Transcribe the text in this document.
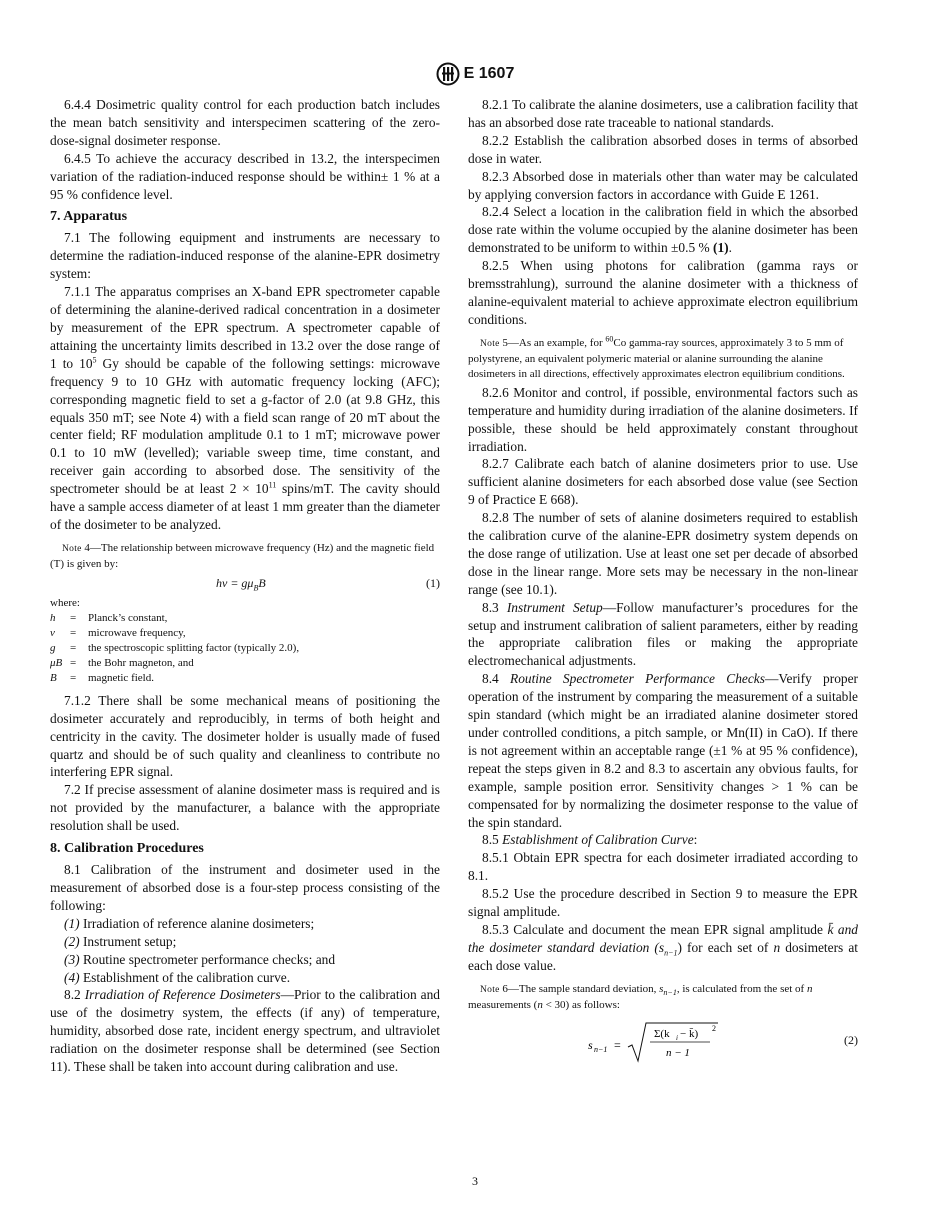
E 1607

6.4.4 Dosimetric quality control for each production batch includes the mean batch sensitivity and interspecimen scattering of the zero-dose-signal dosimeter response.

6.4.5 To achieve the accuracy described in 13.2, the interspecimen variation of the radiation-induced response should be within± 1 % at a 95 % confidence level.

7. Apparatus

7.1 The following equipment and instruments are necessary to determine the radiation-induced response of the alanine-EPR dosimetry system:

7.1.1 The apparatus comprises an X-band EPR spectrometer capable of determining the alanine-derived radical concentration in a dosimeter by measurement of the EPR spectrum. A spectrometer capable of attaining the uncertainty limits described in 13.2 over the dose range of 1 to $10^5$ Gy should be capable of the following settings: microwave frequency 9 to 10 GHz with automatic frequency locking (AFC); corresponding magnetic field to set a g-factor of 2.0 (at 9.8 GHz, this equals 350 mT; see Note 4) with a field scan range of 20 mT about the center field; RF modulation amplitude 0.1 to 1 mT; microwave power 0.1 to 10 mW (levelled); variable sweep time, time constant, and receiver gain according to absorbed dose. The sensitivity of the spectrometer should be at least $2 \times 10^{11}$ spins/mT. The cavity should have a sample access diameter of at least 1 mm greater than the diameter of the dosimeter to be analyzed.

Note 4—The relationship between microwave frequency (Hz) and the magnetic field (T) is given by:
$h\nu = g\mu_BB$	(1)
where:
h	=	Planck’s constant,
ν	=	microwave frequency,
g	=	the spectroscopic splitting factor (typically 2.0),
μB =	the Bohr magneton, and
B	=	magnetic field.

7.1.2 There shall be some mechanical means of positioning the dosimeter accurately and reproducibly, in terms of both height and centricity in the cavity. The dosimeter holder is usually made of fused quartz and should be of such quality and cleanliness to contribute no interfering EPR signal.

7.2 If precise assessment of alanine dosimeter mass is required and is not provided by the manufacturer, a balance with the appropriate resolution shall be used.

8. Calibration Procedures

8.1 Calibration of the instrument and dosimeter used in the measurement of absorbed dose is a four-step process consisting of the following:

(1) Irradiation of reference alanine dosimeters;

(2) Instrument setup;

(3) Routine spectrometer performance checks; and

(4) Establishment of the calibration curve.

8.2 Irradiation of Reference Dosimeters—Prior to the calibration and use of the dosimetry system, the effects (if any) of temperature, humidity, absorbed dose rate, incident energy spectrum, and ultraviolet radiation on the dosimeter response shall be determined (see Section 11). These shall be taken into account during calibration and use.

8.2.1 To calibrate the alanine dosimeters, use a calibration facility that has an absorbed dose rate traceable to national standards.

8.2.2 Establish the calibration absorbed doses in terms of absorbed dose in water.

8.2.3 Absorbed dose in materials other than water may be calculated by applying conversion factors in accordance with Guide E 1261.

8.2.4 Select a location in the calibration field in which the absorbed dose rate within the volume occupied by the alanine dosimeter has been demonstrated to be uniform to within ±0.5 % (1).

8.2.5 When using photons for calibration (gamma rays or bremsstrahlung), surround the alanine dosimeter with a thickness of alanine-equivalent material to achieve approximate electron equilibrium conditions.

Note 5—As an example, for $^{60}$Co gamma-ray sources, approximately 3 to 5 mm of polystyrene, an equivalent polymeric material or alanine surrounding the alanine dosimeters in all directions, effectively approximates electron equilibrium conditions.

8.2.6 Monitor and control, if possible, environmental factors such as temperature and humidity during irradiation of the alanine dosimeters. If possible, these should be held approximately constant throughout irradiation.

8.2.7 Calibrate each batch of alanine dosimeters prior to use. Use sufficient alanine dosimeters for each absorbed dose value (see Section 9 of Practice E 668).

8.2.8 The number of sets of alanine dosimeters required to establish the calibration curve of the alanine-EPR dosimetry system depends on the dose range of utilization. Use at least one set per decade of absorbed dose in the linear range. More sets may be necessary in the non-linear range (see 10.1).

8.3 Instrument Setup—Follow manufacturer’s procedures for the setup and instrument calibration of salient parameters, either by reading the appropriate calibration files or making the appropriate electromechanical adjustments.

8.4 Routine Spectrometer Performance Checks—Verify proper operation of the instrument by comparing the measurement of a suitable spin standard (which might be an irradiated alanine dosimeter stored under controlled conditions, a pitch sample, or Mn(II) in CaO). If there is not agreement within an acceptable range (±1 % at 95 % confidence), repeat the steps given in 8.2 and 8.3 to ascertain any obvious faults, for example, sample position error. Sensitivity changes > 1 % can be compensated for by normalizing the dosimeter response to the value of the spin standard.

8.5 Establishment of Calibration Curve:

8.5.1 Obtain EPR spectra for each dosimeter irradiated according to 8.1.

8.5.2 Use the procedure described in Section 9 to measure the EPR signal amplitude.

8.5.3 Calculate and document the mean EPR signal amplitude k̄ and the dosimeter standard deviation $(s_{n-1})$ for each set of n dosimeters at each dose value.

Note 6—The sample standard deviation, $s_{n-1}$, is calculated from the set of n measurements (n < 30) as follows:
s n−1 =
Σ(k i − k̄) 2
n − 1
(2)
3
